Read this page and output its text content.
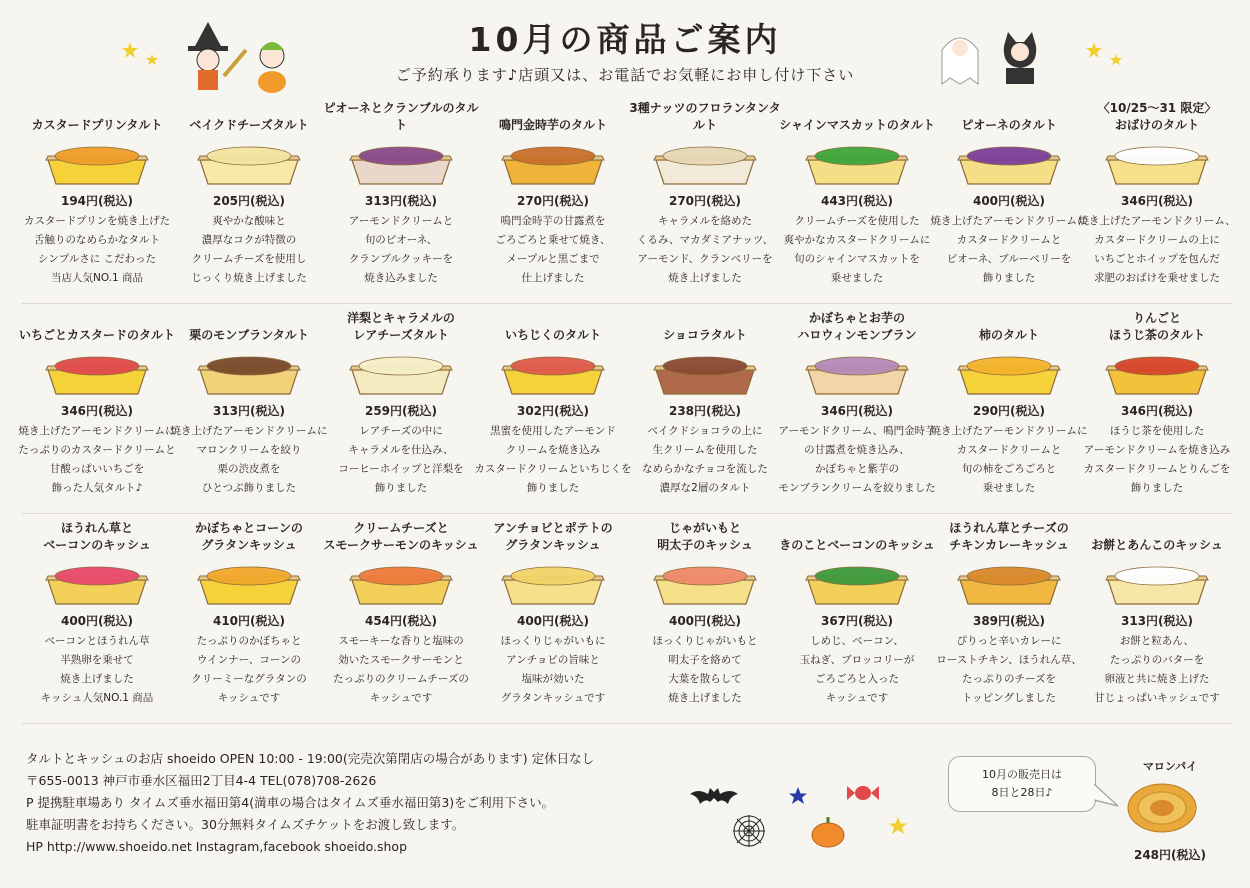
10月の商品ご案内
ご予約承ります♪店頭又は、お電話でお気軽にお申し付け下さい
カスタードプリンタルト
194円(税込)
カスタードプリンを焼き上げた
舌触りのなめらかなタルト
シンプルさに こだわった
当店人気NO.1 商品
ベイクドチーズタルト
205円(税込)
爽やかな酸味と
濃厚なコクが特徴の
クリームチーズを使用し
じっくり焼き上げました
ピオーネとクランブルのタルト
313円(税込)
アーモンドクリームと
旬のピオーネ、
クランブルクッキーを
焼き込みました
鳴門金時芋のタルト
270円(税込)
鳴門金時芋の甘露煮を
ごろごろと乗せて焼き、
メープルと黒ごまで
仕上げました
3種ナッツのフロランタンタルト
270円(税込)
キャラメルを絡めた
くるみ、マカダミアナッツ、
アーモンド、クランベリーを
焼き上げました
シャインマスカットのタルト
443円(税込)
クリームチーズを使用した
爽やかなカスタードクリームに
旬のシャインマスカットを
乗せました
ピオーネのタルト
400円(税込)
焼き上げたアーモンドクリームに
カスタードクリームと
ピオーネ、ブルーベリーを
飾りました
〈10/25〜31 限定〉
おばけのタルト
346円(税込)
焼き上げたアーモンドクリーム、
カスタードクリームの上に
いちごとホイップを包んだ
求肥のおばけを乗せました
いちごとカスタードのタルト
346円(税込)
焼き上げたアーモンドクリームに
たっぷりのカスタードクリームと
甘酸っぱいいちごを
飾った人気タルト♪
栗のモンブランタルト
313円(税込)
焼き上げたアーモンドクリームに
マロンクリームを絞り
栗の渋皮煮を
ひとつぶ飾りました
洋梨とキャラメルの
レアチーズタルト
259円(税込)
レアチーズの中に
キャラメルを仕込み、
コーヒーホイップと洋梨を
飾りました
いちじくのタルト
302円(税込)
黒蜜を使用したアーモンド
クリームを焼き込み
カスタードクリームといちじくを
飾りました
ショコラタルト
238円(税込)
ベイクドショコラの上に
生クリームを使用した
なめらかなチョコを流した
濃厚な2層のタルト
かぼちゃとお芋の
ハロウィンモンブラン
346円(税込)
アーモンドクリーム、鳴門金時芋
の甘露煮を焼き込み、
かぼちゃと紫芋の
モンブランクリームを絞りました
柿のタルト
290円(税込)
焼き上げたアーモンドクリームに
カスタードクリームと
旬の柿をごろごろと
乗せました
りんごと
ほうじ茶のタルト
346円(税込)
ほうじ茶を使用した
アーモンドクリームを焼き込み
カスタードクリームとりんごを
飾りました
ほうれん草と
ベーコンのキッシュ
400円(税込)
ベーコンとほうれん草
半熟卵を乗せて
焼き上げました
キッシュ人気NO.1 商品
かぼちゃとコーンの
グラタンキッシュ
410円(税込)
たっぷりのかぼちゃと
ウインナー、コーンの
クリーミーなグラタンの
キッシュです
クリームチーズと
スモークサーモンのキッシュ
454円(税込)
スモーキーな香りと塩味の
効いたスモークサーモンと
たっぷりのクリームチーズの
キッシュです
アンチョビとポテトの
グラタンキッシュ
400円(税込)
ほっくりじゃがいもに
アンチョビの旨味と
塩味が効いた
グラタンキッシュです
じゃがいもと
明太子のキッシュ
400円(税込)
ほっくりじゃがいもと
明太子を絡めて
大葉を散らして
焼き上げました
きのことベーコンのキッシュ
367円(税込)
しめじ、ベーコン、
玉ねぎ、ブロッコリーが
ごろごろと入った
キッシュです
ほうれん草とチーズの
チキンカレーキッシュ
389円(税込)
ぴりっと辛いカレーに
ローストチキン、ほうれん草、
たっぷりのチーズを
トッピングしました
お餅とあんこのキッシュ
313円(税込)
お餅と粒あん、
たっぷりのバターを
卵液と共に焼き上げた
甘じょっぱいキッシュです
タルトとキッシュのお店 shoeido OPEN 10:00 - 19:00(完売次第閉店の場合があります) 定休日なし
〒655-0013 神戸市垂水区福田2丁目4-4 TEL(078)708-2626
P 提携駐車場あり タイムズ垂水福田第4(満車の場合はタイムズ垂水福田第3)をご利用下さい。
駐車証明書をお持ちください。30分無料タイムズチケットをお渡し致します。
HP http://www.shoeido.net Instagram,facebook shoeido.shop
10月の販売日は
8日と28日♪
マロンパイ
248円(税込)
